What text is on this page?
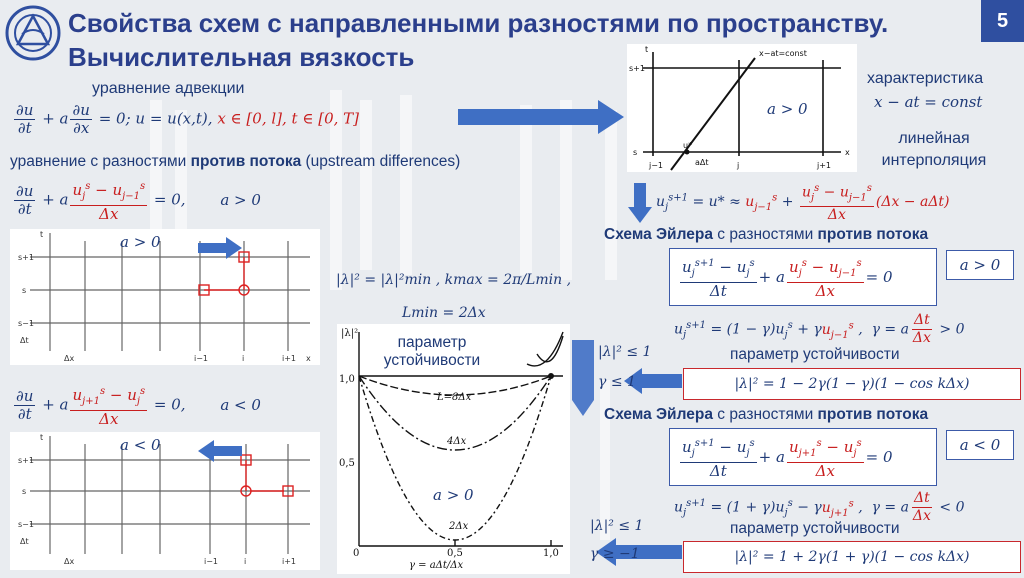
Свойства схем с направленными разностями по пространству.
Вычислительная вязкость
5
уравнение адвекции
$\frac{\partial u}{\partial t} + a \frac{\partial u}{\partial x} = 0$; u = u(x,t), x ∈ [0, l], t ∈ [0, T]
уравнение с разностями против потока (upstream differences)
$\frac{\partial u}{\partial t} + a \frac{u_j^s - u_{j-1}^s}{\Delta x} = 0$, a > 0
s+1
s
s−1
Δt
t
Δx	i−1	i	i+1 x
a > 0
$\frac{\partial u}{\partial t} + a \frac{u_{j+1}^s - u_j^s}{\Delta x} = 0$, a < 0
s+1
s
s−1
Δt
t
Δx	i−1	i	i+1
a < 0
|λ|² = |λ|²min , kmax = 2π/Lmin ,
Lmin = 2Δx
|λ|²
1,0
0,5
0	0,5	1,0
γ = aΔt/Δx
L=8Δx
4Δx
2Δx
параметр устойчивости
a > 0
t
s+1
s
j−1	j	j+1
x
u*
aΔt
x−at=const
a > 0
характеристика
x − at = const
линейная интерполяция
$u_j^{s+1} = u* \approx u_{j-1}^s + \frac{u_j^s - u_{j-1}^s}{\Delta x} (\Delta x - a\Delta t)$
Схема Эйлера с разностями против потока
$\frac{u_j^{s+1} - u_j^s}{\Delta t} + a \frac{u_j^s - u_{j-1}^s}{\Delta x} = 0$
a > 0
$u_j^{s+1} = (1 - \gamma)u_j^s + \gamma u_{j-1}^s$ ,  γ = a $\frac{\Delta t}{\Delta x} > 0$
параметр устойчивости
|λ|² ≤ 1
γ ≤ 1	|λ|² = 1 − 2γ(1 − γ)(1 − cos kΔx)
Схема Эйлера с разностями против потока
$\frac{u_j^{s+1} - u_j^s}{\Delta t} + a \frac{u_{j+1}^s - u_j^s}{\Delta x} = 0$
a < 0
$u_j^{s+1} = (1 + \gamma)u_j^s - \gamma u_{j+1}^s$ ,  γ = a $\frac{\Delta t}{\Delta x} < 0$
параметр устойчивости
|λ|² ≤ 1
γ ≥ −1	|λ|² = 1 + 2γ(1 + γ)(1 − cos kΔx)
